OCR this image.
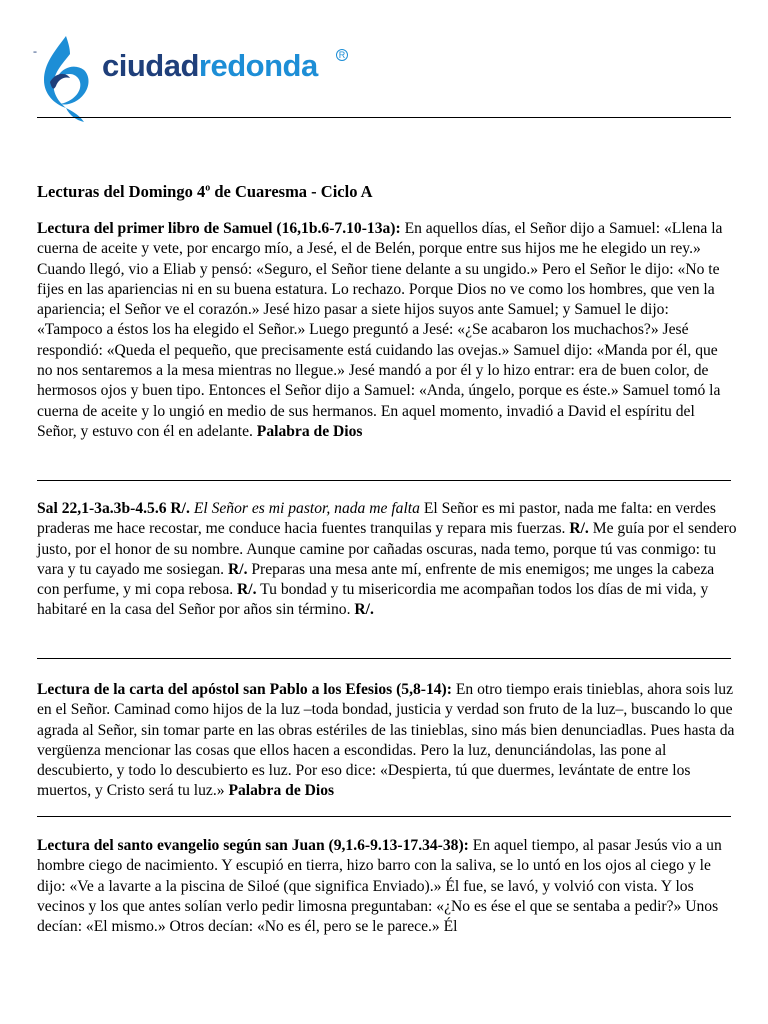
ciudadredonda	R
-
Lecturas del Domingo 4$^o$ de Cuaresma - Ciclo A

Lectura del primer libro de Samuel (16,1b.6-7.10-13a): En aquellos días, el Señor dijo a Samuel: «Llena la cuerna de aceite y vete, por encargo mío, a Jesé, el de Belén, porque entre sus hijos me he elegido un rey.» Cuando llegó, vio a Eliab y pensó: «Seguro, el Señor tiene delante a su ungido.» Pero el Señor le dijo: «No te fijes en las apariencias ni en su buena estatura. Lo rechazo. Porque Dios no ve como los hombres, que ven la apariencia; el Señor ve el corazón.» Jesé hizo pasar a siete hijos suyos ante Samuel; y Samuel le dijo: «Tampoco a éstos los ha elegido el Señor.» Luego preguntó a Jesé: «¿Se acabaron los muchachos?» Jesé respondió: «Queda el pequeño, que precisamente está cuidando las ovejas.» Samuel dijo: «Manda por él, que no nos sentaremos a la mesa mientras no llegue.» Jesé mandó a por él y lo hizo entrar: era de buen color, de hermosos ojos y buen tipo. Entonces el Señor dijo a Samuel: «Anda, úngelo, porque es éste.» Samuel tomó la cuerna de aceite y lo ungió en medio de sus hermanos. En aquel momento, invadió a David el espíritu del Señor, y estuvo con él en adelante. Palabra de Dios

Sal 22,1-3a.3b-4.5.6 R/. El Señor es mi pastor, nada me falta El Señor es mi pastor, nada me falta: en verdes praderas me hace recostar, me conduce hacia fuentes tranquilas y repara mis fuerzas. R/. Me guía por el sendero justo, por el honor de su nombre. Aunque camine por cañadas oscuras, nada temo, porque tú vas conmigo: tu vara y tu cayado me sosiegan. R/. Preparas una mesa ante mí, enfrente de mis enemigos; me unges la cabeza con perfume, y mi copa rebosa. R/. Tu bondad y tu misericordia me acompañan todos los días de mi vida, y habitaré en la casa del Señor por años sin término. R/.

Lectura de la carta del apóstol san Pablo a los Efesios (5,8-14): En otro tiempo erais tinieblas, ahora sois luz en el Señor. Caminad como hijos de la luz –toda bondad, justicia y verdad son fruto de la luz–, buscando lo que agrada al Señor, sin tomar parte en las obras estériles de las tinieblas, sino más bien denunciadlas. Pues hasta da vergüenza mencionar las cosas que ellos hacen a escondidas. Pero la luz, denunciándolas, las pone al descubierto, y todo lo descubierto es luz. Por eso dice: «Despierta, tú que duermes, levántate de entre los muertos, y Cristo será tu luz.» Palabra de Dios

Lectura del santo evangelio según san Juan (9,1.6-9.13-17.34-38): En aquel tiempo, al pasar Jesús vio a un hombre ciego de nacimiento. Y escupió en tierra, hizo barro con la saliva, se lo untó en los ojos al ciego y le dijo: «Ve a lavarte a la piscina de Siloé (que significa Enviado).» Él fue, se lavó, y volvió con vista. Y los vecinos y los que antes solían verlo pedir limosna preguntaban: «¿No es ése el que se sentaba a pedir?» Unos decían: «El mismo.» Otros decían: «No es él, pero se le parece.» Él
